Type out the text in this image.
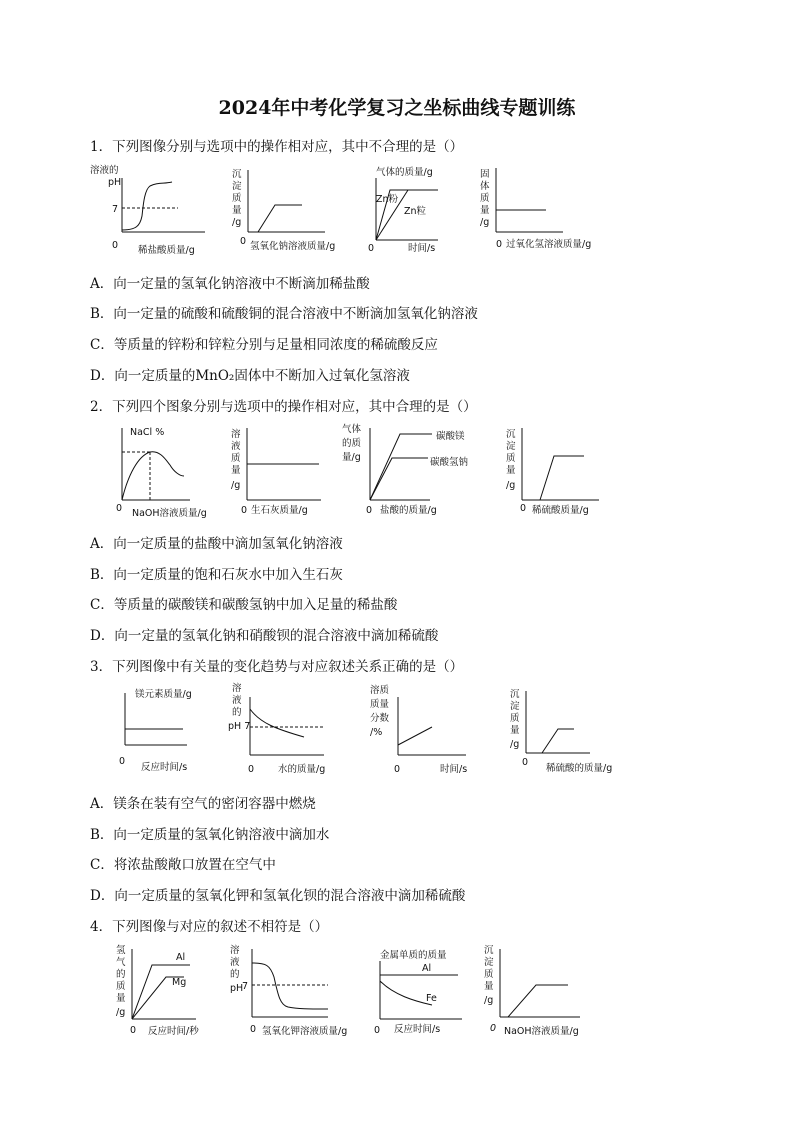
2024年中考化学复习之坐标曲线专题训练
1．下列图像分别与选项中的操作相对应，其中不合理的是（）
溶液的
pH
7
0 稀盐酸质量/g
沉
淀
质
量
/g
0 氢氧化钠溶液质量/g
气体的质量/g
Zn粉
Zn粒
0	时间/s
固
体
质
量
/g
0 过氧化氢溶液质量/g
A．向一定量的氢氧化钠溶液中不断滴加稀盐酸
B．向一定量的硫酸和硫酸铜的混合溶液中不断滴加氢氧化钠溶液
C．等质量的锌粉和锌粒分别与足量相同浓度的稀硫酸反应
D．向一定质量的MnO₂固体中不断加入过氧化氢溶液
2．下列四个图象分别与选项中的操作相对应，其中合理的是（）
NaCl %
0 NaOH溶液质量/g
溶
液
质
量
/g
0 生石灰质量/g
气体
的质
量/g
碳酸镁
碳酸氢钠
0 盐酸的质量/g
沉
淀
质
量
/g
0 稀硫酸质量/g
A．向一定质量的盐酸中滴加氢氧化钠溶液
B．向一定质量的饱和石灰水中加入生石灰
C．等质量的碳酸镁和碳酸氢钠中加入足量的稀盐酸
D．向一定量的氢氧化钠和硝酸钡的混合溶液中滴加稀硫酸
3．下列图像中有关量的变化趋势与对应叙述关系正确的是（）
镁元素质量/g
0
反应时间/s
溶
液
的
pH 7
0	水的质量/g
溶质
质量
分数
/%
0	时间/s
沉
淀
质
量
/g
0
稀硫酸的质量/g
A．镁条在装有空气的密闭容器中燃烧
B．向一定质量的氢氧化钠溶液中滴加水
C．将浓盐酸敞口放置在空气中
D．向一定质量的氢氧化钾和氢氧化钡的混合溶液中滴加稀硫酸
4．下列图像与对应的叙述不相符是（）
氢
气
的
质
量
/g
Al
Mg
0 反应时间/秒
溶
液
的
pH
7
0 氢氧化钾溶液质量/g
金属单质的质量
Al
Fe
0 反应时间/s
沉
淀
质
量
/g
0 NaOH溶液质量/g
